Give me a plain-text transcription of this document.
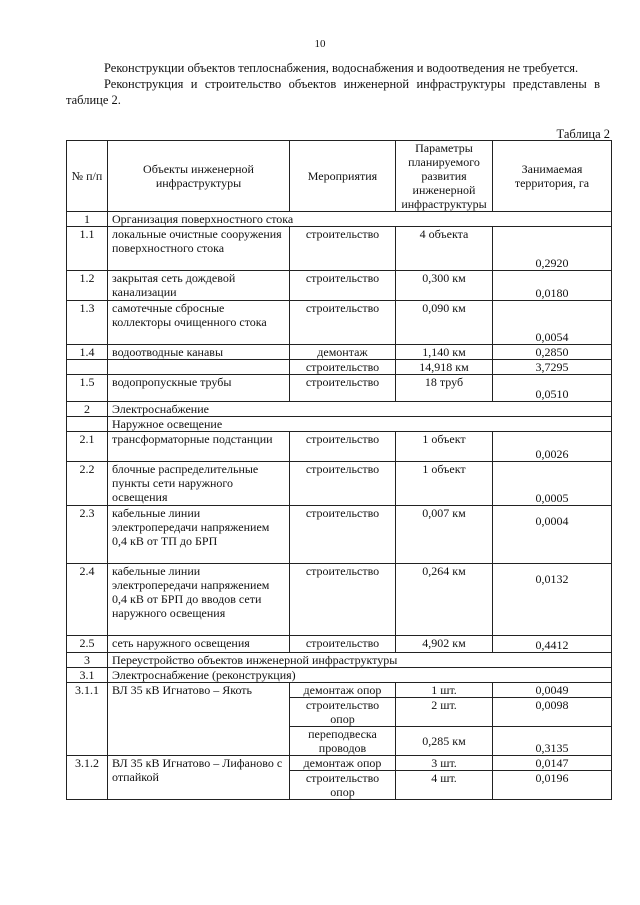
10
Реконструкции объектов теплоснабжения, водоснабжения и водоотведения не требуется.
Реконструкция и строительство объектов инженерной инфраструктуры представлены в таблице 2.
Таблица 2
№ п/п	Объекты инженерной инфраструктуры	Мероприятия	Параметры планируемого развития инженерной инфраструктуры	Занимаемая территория, га
1	Организация поверхностного стока			
1.1	локальные очистные сооружения поверхностного стока	строительство	4 объекта	0,2920
1.2	закрытая сеть дождевой канализации	строительство	0,300 км	0,0180
1.3	самотечные сбросные коллекторы очищенного стока	строительство	0,090 км	0,0054
1.4	водоотводные канавы	демонтаж	1,140 км	0,2850
		строительство	14,918 км	3,7295
1.5	водопропускные трубы	строительство	18 труб	0,0510
2	Электроснабжение			
	Наружное освещение			
2.1	трансформаторные подстанции	строительство	1 объект	0,0026
2.2	блочные распределительные пункты сети наружного освещения	строительство	1 объект	0,0005
2.3	кабельные линии электропередачи напряжением 0,4 кВ от ТП до БРП	строительство	0,007 км	0,0004
2.4	кабельные линии электропередачи напряжением 0,4 кВ от БРП до вводов сети наружного освещения	строительство	0,264 км	0,0132
2.5	сеть наружного освещения	строительство	4,902 км	0,4412
3	Переустройство объектов инженерной инфраструктуры			
3.1	Электроснабжение (реконструкция)			
3.1.1	ВЛ 35 кВ Игнатово – Якоть	демонтаж опор	1 шт.	0,0049
		строительство опор	2 шт.	0,0098
		переподвеска проводов	0,285 км	0,3135
3.1.2	ВЛ 35 кВ Игнатово – Лифаново с отпайкой	демонтаж опор	3 шт.	0,0147
		строительство опор	4 шт.	0,0196
